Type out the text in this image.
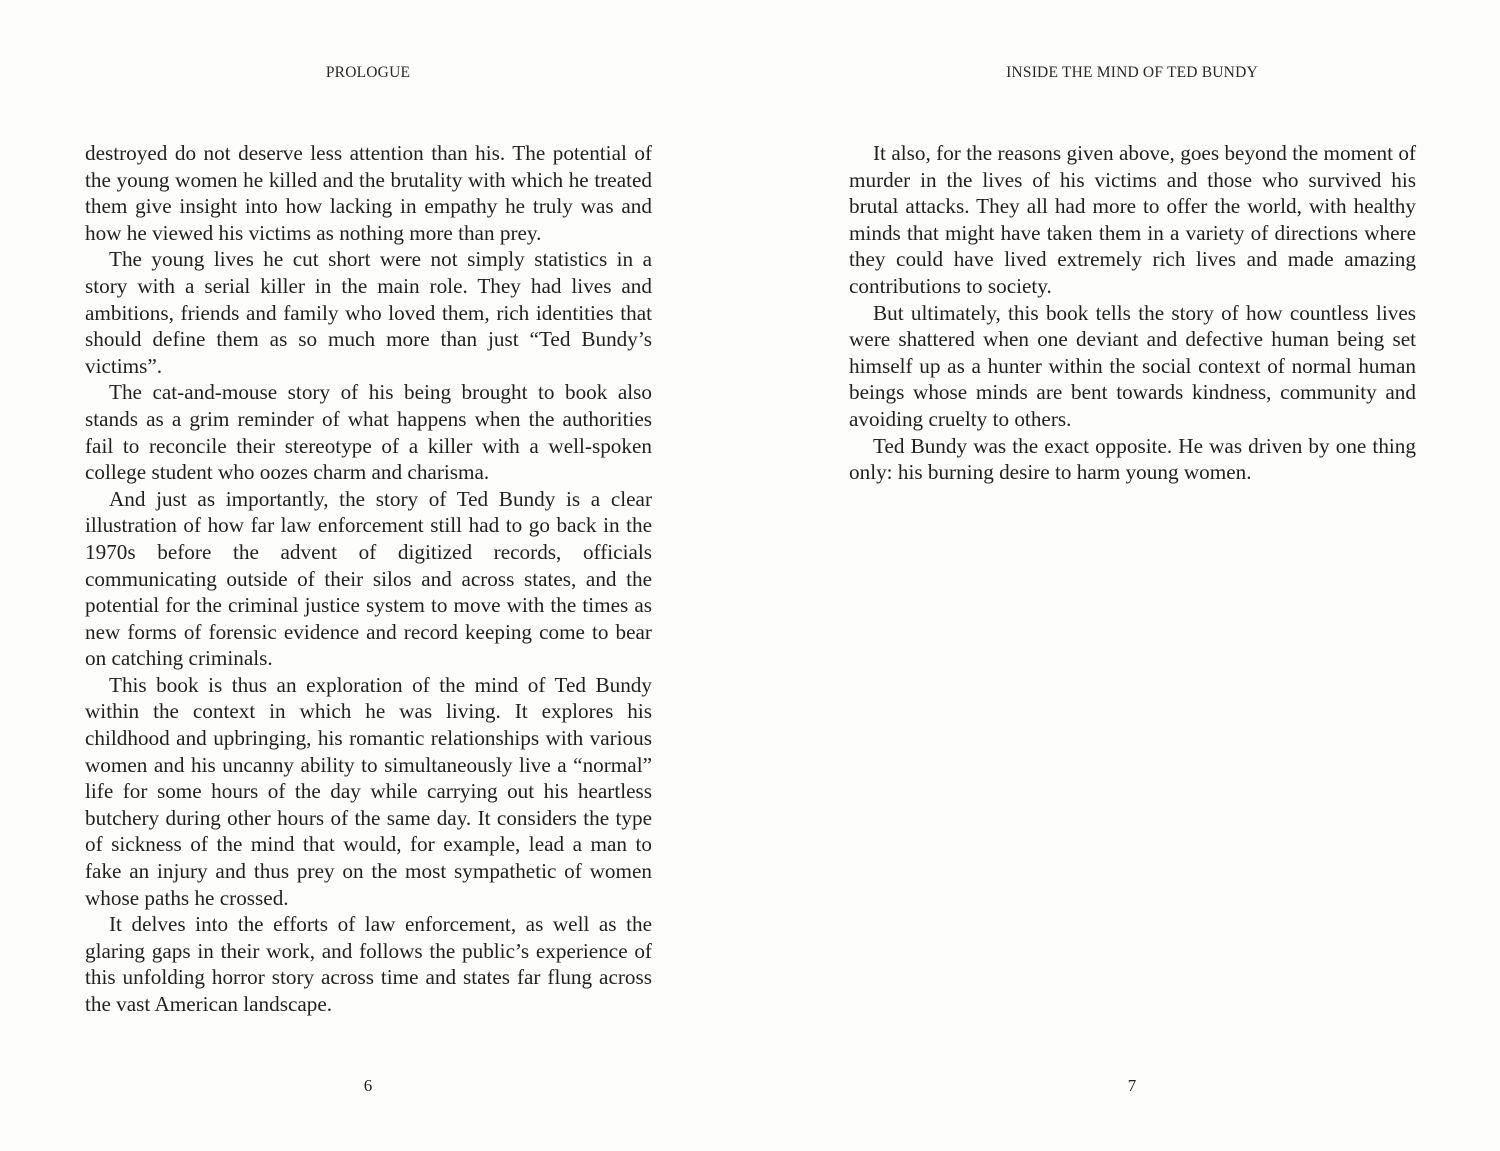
PROLOGUE

destroyed do not deserve less attention than his. The potential of the young women he killed and the brutality with which he treated them give insight into how lacking in empathy he truly was and how he viewed his victims as nothing more than prey.

The young lives he cut short were not simply statistics in a story with a serial killer in the main role. They had lives and ambitions, friends and family who loved them, rich identities that should define them as so much more than just “Ted Bundy’s victims”.

The cat-and-mouse story of his being brought to book also stands as a grim reminder of what happens when the authorities fail to reconcile their stereotype of a killer with a well-spoken college student who oozes charm and charisma.

And just as importantly, the story of Ted Bundy is a clear illustration of how far law enforcement still had to go back in the 1970s before the advent of digitized records, officials communicating outside of their silos and across states, and the potential for the criminal justice system to move with the times as new forms of forensic evidence and record keeping come to bear on catching criminals.

This book is thus an exploration of the mind of Ted Bundy within the context in which he was living. It explores his childhood and upbringing, his romantic relationships with various women and his uncanny ability to simultaneously live a “normal” life for some hours of the day while carrying out his heartless butchery during other hours of the same day. It considers the type of sickness of the mind that would, for example, lead a man to fake an injury and thus prey on the most sympathetic of women whose paths he crossed.

It delves into the efforts of law enforcement, as well as the glaring gaps in their work, and follows the public’s experience of this unfolding horror story across time and states far flung across the vast American landscape.

6
INSIDE THE MIND OF TED BUNDY

It also, for the reasons given above, goes beyond the moment of murder in the lives of his victims and those who survived his brutal attacks. They all had more to offer the world, with healthy minds that might have taken them in a variety of directions where they could have lived extremely rich lives and made amazing contributions to society.

But ultimately, this book tells the story of how countless lives were shattered when one deviant and defective human being set himself up as a hunter within the social context of normal human beings whose minds are bent towards kindness, community and avoiding cruelty to others.

Ted Bundy was the exact opposite. He was driven by one thing only: his burning desire to harm young women.

7
